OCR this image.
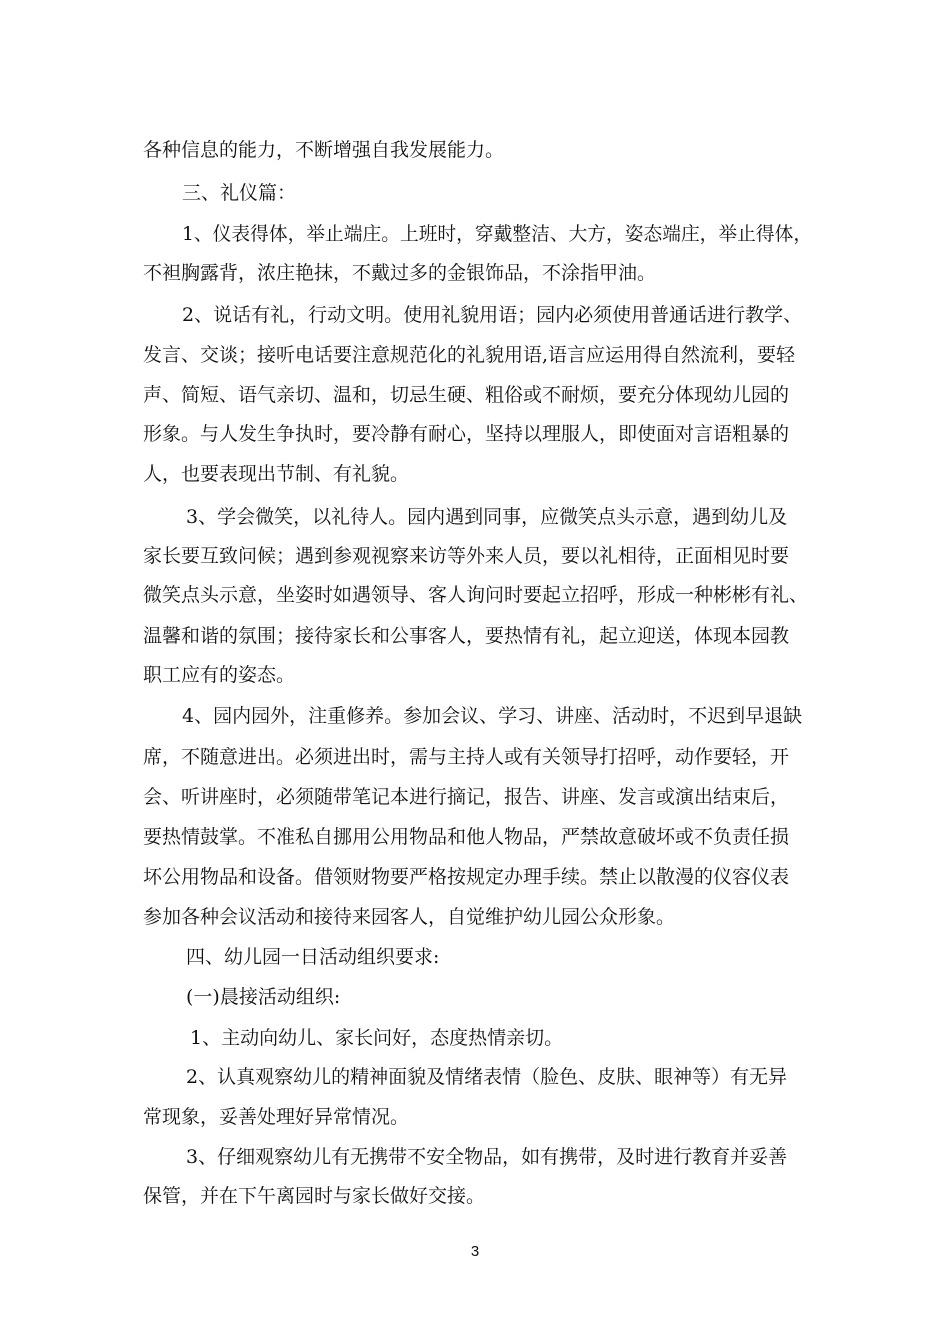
各种信息的能力，不断增强自我发展能力。
三、礼仪篇：
1、仪表得体，举止端庄。上班时，穿戴整洁、大方，姿态端庄，举止得体，
不袒胸露背，浓庄艳抹，不戴过多的金银饰品，不涂指甲油。
2、说话有礼，行动文明。使用礼貌用语；园内必须使用普通话进行教学、
发言、交谈；接听电话要注意规范化的礼貌用语,语言应运用得自然流利，要轻
声、简短、语气亲切、温和，切忌生硬、粗俗或不耐烦，要充分体现幼儿园的
形象。与人发生争执时，要冷静有耐心，坚持以理服人，即使面对言语粗暴的
人，也要表现出节制、有礼貌。
3、学会微笑，以礼待人。园内遇到同事，应微笑点头示意，遇到幼儿及
家长要互致问候；遇到参观视察来访等外来人员，要以礼相待，正面相见时要
微笑点头示意，坐姿时如遇领导、客人询问时要起立招呼，形成一种彬彬有礼、
温馨和谐的氛围；接待家长和公事客人，要热情有礼，起立迎送，体现本园教
职工应有的姿态。
4、园内园外，注重修养。参加会议、学习、讲座、活动时，不迟到早退缺
席，不随意进出。必须进出时，需与主持人或有关领导打招呼，动作要轻，开
会、听讲座时，必须随带笔记本进行摘记，报告、讲座、发言或演出结束后，
要热情鼓掌。不准私自挪用公用物品和他人物品，严禁故意破坏或不负责任损
坏公用物品和设备。借领财物要严格按规定办理手续。禁止以散漫的仪容仪表
参加各种会议活动和接待来园客人，自觉维护幼儿园公众形象。
四、幼儿园一日活动组织要求:
(一)晨接活动组织:
1、主动向幼儿、家长问好，态度热情亲切。
2、认真观察幼儿的精神面貌及情绪表情（脸色、皮肤、眼神等）有无异
常现象，妥善处理好异常情况。
3、仔细观察幼儿有无携带不安全物品，如有携带，及时进行教育并妥善
保管，并在下午离园时与家长做好交接。
3
